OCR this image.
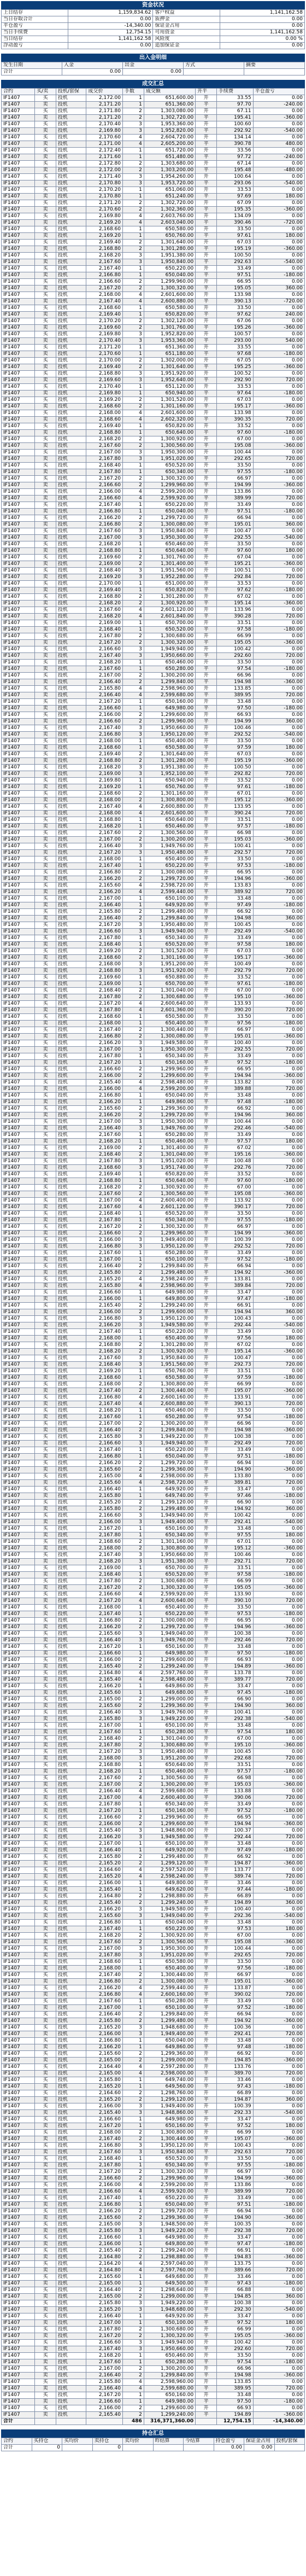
资金状况
上日结存	1,159,834.62	客户权益	1,141,162.58
当日存取合计	0.00	质押金	0.00
平仓盈亏	-14,340.00	保证金占用	0.00
当日手续费	12,754.15	可用资金	1,141,162.58
当日结存	1,141,162.58	风险度	0.00 %
浮动盈亏	0.00	追加保证金	0.00
出入金明细
发生日期	入金	出金	方式	摘要
合计	0.00	0.00		
成交汇总
合约	买/卖	投机/套保	成交价	手数	成交额	开平	手续费	平仓盈亏
IF1407	买	投机	2,172.00	1	651,600.00	开	33.55	0.00
IF1407	卖	投机	2,171.20	1	651,360.00	平	97.70	-240.00
IF1407	买	投机	2,171.80	2	1,303,080.00	开	67.11	0.00
IF1407	卖	投机	2,171.20	2	1,302,720.00	平	195.41	-360.00
IF1407	买	投机	2,170.40	3	1,953,360.00	开	100.60	0.00
IF1407	卖	投机	2,169.80	3	1,952,820.00	平	292.92	-540.00
IF1407	买	投机	2,170.60	4	2,604,720.00	开	134.14	0.00
IF1407	卖	投机	2,171.00	4	2,605,200.00	平	390.78	480.00
IF1407	买	投机	2,172.40	1	651,720.00	开	33.56	0.00
IF1407	卖	投机	2,171.60	1	651,480.00	平	97.72	-240.00
IF1407	买	投机	2,172.80	2	1,303,680.00	开	67.14	0.00
IF1407	卖	投机	2,172.00	2	1,303,200.00	平	195.48	-480.00
IF1407	买	投机	2,171.40	3	1,954,260.00	开	100.64	0.00
IF1407	卖	投机	2,170.80	3	1,953,720.00	平	293.06	-540.00
IF1407	买	投机	2,170.20	1	651,060.00	开	33.53	0.00
IF1407	卖	投机	2,170.80	1	651,240.00	平	97.69	180.00
IF1407	买	投机	2,171.20	2	1,302,720.00	开	67.09	0.00
IF1407	卖	投机	2,170.60	2	1,302,360.00	平	195.35	-360.00
IF1407	买	投机	2,169.80	4	2,603,760.00	开	134.09	0.00
IF1407	卖	投机	2,169.20	4	2,603,040.00	平	390.46	-720.00
IF1407	买	投机	2,168.60	1	650,580.00	开	33.50	0.00
IF1407	卖	投机	2,169.20	1	650,760.00	平	97.61	180.00
IF1407	买	投机	2,169.40	2	1,301,640.00	开	67.03	0.00
IF1407	卖	投机	2,168.80	2	1,301,280.00	平	195.19	-360.00
IF1407	买	投机	2,168.20	3	1,951,380.00	开	100.50	0.00
IF1407	卖	投机	2,167.60	3	1,950,840.00	平	292.63	-540.00
IF1407	买	投机	2,167.40	1	650,220.00	开	33.49	0.00
IF1407	卖	投机	2,166.80	1	650,040.00	平	97.51	-180.00
IF1407	买	投机	2,166.60	2	1,299,960.00	开	66.95	0.00
IF1407	卖	投机	2,167.20	2	1,300,320.00	平	195.05	360.00
IF1407	买	投机	2,168.00	4	2,601,600.00	开	133.98	0.00
IF1407	卖	投机	2,167.40	4	2,600,880.00	平	390.13	-720.00
IF1407	买	投机	2,168.60	1	650,580.00	开	33.50	0.00
IF1407	卖	投机	2,169.40	1	650,820.00	平	97.62	240.00
IF1407	买	投机	2,170.20	2	1,302,120.00	开	67.06	0.00
IF1407	卖	投机	2,169.60	2	1,301,760.00	平	195.26	-360.00
IF1407	买	投机	2,169.80	3	1,952,820.00	开	100.57	0.00
IF1407	卖	投机	2,170.40	3	1,953,360.00	平	293.00	540.00
IF1407	买	投机	2,171.20	1	651,360.00	开	33.55	0.00
IF1407	卖	投机	2,170.60	1	651,180.00	平	97.68	-180.00
IF1407	买	投机	2,170.00	2	1,302,000.00	开	67.05	0.00
IF1407	卖	投机	2,169.40	2	1,301,640.00	平	195.25	-360.00
IF1407	买	投机	2,168.80	3	1,951,920.00	开	100.52	0.00
IF1407	卖	投机	2,169.60	3	1,952,640.00	平	292.90	720.00
IF1407	买	投机	2,170.40	1	651,120.00	开	33.53	0.00
IF1407	卖	投机	2,169.80	1	650,940.00	平	97.64	-180.00
IF1407	买	投机	2,169.20	2	1,301,520.00	开	67.03	0.00
IF1407	卖	投机	2,168.60	2	1,301,160.00	平	195.17	-360.00
IF1407	买	投机	2,168.00	4	2,601,600.00	开	133.98	0.00
IF1407	卖	投机	2,168.60	4	2,602,320.00	平	390.35	720.00
IF1407	买	投机	2,169.40	1	650,820.00	开	33.52	0.00
IF1407	卖	投机	2,168.80	1	650,640.00	平	97.60	-180.00
IF1407	买	投机	2,168.20	2	1,300,920.00	开	67.00	0.00
IF1407	卖	投机	2,167.60	2	1,300,560.00	平	195.08	-360.00
IF1407	买	投机	2,167.00	3	1,950,300.00	开	100.44	0.00
IF1407	卖	投机	2,167.80	3	1,951,020.00	平	292.65	720.00
IF1407	买	投机	2,168.40	1	650,520.00	开	33.50	0.00
IF1407	卖	投机	2,167.80	1	650,340.00	平	97.55	-180.00
IF1407	买	投机	2,167.20	2	1,300,320.00	开	66.97	0.00
IF1407	卖	投机	2,166.60	2	1,299,960.00	平	194.99	-360.00
IF1407	买	投机	2,166.00	4	2,599,200.00	开	133.86	0.00
IF1407	卖	投机	2,166.60	4	2,599,920.00	平	389.99	720.00
IF1407	买	投机	2,167.40	1	650,220.00	开	33.49	0.00
IF1407	卖	投机	2,166.80	1	650,040.00	平	97.51	-180.00
IF1407	买	投机	2,166.20	2	1,299,720.00	开	66.94	0.00
IF1407	卖	投机	2,166.80	2	1,300,080.00	平	195.01	360.00
IF1407	买	投机	2,167.60	3	1,950,840.00	开	100.47	0.00
IF1407	卖	投机	2,167.00	3	1,950,300.00	平	292.55	-540.00
IF1407	买	投机	2,168.20	1	650,460.00	开	33.50	0.00
IF1407	卖	投机	2,168.80	1	650,640.00	平	97.60	180.00
IF1407	买	投机	2,169.60	2	1,301,760.00	开	67.04	0.00
IF1407	卖	投机	2,169.00	2	1,301,400.00	平	195.21	-360.00
IF1407	买	投机	2,168.40	3	1,951,560.00	开	100.51	0.00
IF1407	卖	投机	2,169.20	3	1,952,280.00	平	292.84	720.00
IF1407	买	投机	2,170.00	1	651,000.00	开	33.53	0.00
IF1407	卖	投机	2,169.40	1	650,820.00	平	97.62	-180.00
IF1407	买	投机	2,168.80	2	1,301,280.00	开	67.02	0.00
IF1407	卖	投机	2,168.20	2	1,300,920.00	平	195.14	-360.00
IF1407	买	投机	2,167.60	4	2,601,120.00	开	133.96	0.00
IF1407	卖	投机	2,168.20	4	2,601,840.00	平	390.28	720.00
IF1407	买	投机	2,169.00	1	650,700.00	开	33.51	0.00
IF1407	卖	投机	2,168.40	1	650,520.00	平	97.58	-180.00
IF1407	买	投机	2,167.80	2	1,300,680.00	开	66.99	0.00
IF1407	卖	投机	2,167.20	2	1,300,320.00	平	195.05	-360.00
IF1407	买	投机	2,166.60	3	1,949,940.00	开	100.42	0.00
IF1407	卖	投机	2,167.40	3	1,950,660.00	平	292.60	720.00
IF1407	买	投机	2,168.20	1	650,460.00	开	33.50	0.00
IF1407	卖	投机	2,167.60	1	650,280.00	平	97.54	-180.00
IF1407	买	投机	2,167.00	2	1,300,200.00	开	66.96	0.00
IF1407	卖	投机	2,166.40	2	1,299,840.00	平	194.98	-360.00
IF1407	买	投机	2,165.80	4	2,598,960.00	开	133.85	0.00
IF1407	卖	投机	2,166.40	4	2,599,680.00	平	389.95	720.00
IF1407	买	投机	2,167.20	1	650,160.00	开	33.48	0.00
IF1407	卖	投机	2,166.60	1	649,980.00	平	97.50	-180.00
IF1407	买	投机	2,166.00	2	1,299,600.00	开	66.93	0.00
IF1407	卖	投机	2,166.60	2	1,299,960.00	平	194.99	360.00
IF1407	买	投机	2,167.40	3	1,950,660.00	开	100.46	0.00
IF1407	卖	投机	2,166.80	3	1,950,120.00	平	292.52	-540.00
IF1407	买	投机	2,168.00	1	650,400.00	开	33.50	0.00
IF1407	卖	投机	2,168.60	1	650,580.00	平	97.59	180.00
IF1407	买	投机	2,169.40	2	1,301,640.00	开	67.03	0.00
IF1407	卖	投机	2,168.80	2	1,301,280.00	平	195.19	-360.00
IF1407	买	投机	2,168.20	3	1,951,380.00	开	100.50	0.00
IF1407	卖	投机	2,169.00	3	1,952,100.00	平	292.82	720.00
IF1407	买	投机	2,169.80	1	650,940.00	开	33.52	0.00
IF1407	卖	投机	2,169.20	1	650,760.00	平	97.61	-180.00
IF1407	买	投机	2,168.60	2	1,301,160.00	开	67.01	0.00
IF1407	卖	投机	2,168.00	2	1,300,800.00	平	195.12	-360.00
IF1407	买	投机	2,167.40	4	2,600,880.00	开	133.95	0.00
IF1407	卖	投机	2,168.00	4	2,601,600.00	平	390.24	720.00
IF1407	买	投机	2,168.80	1	650,640.00	开	33.51	0.00
IF1407	卖	投机	2,168.20	1	650,460.00	平	97.57	-180.00
IF1407	买	投机	2,167.60	2	1,300,560.00	开	66.98	0.00
IF1407	卖	投机	2,167.00	2	1,300,200.00	平	195.03	-360.00
IF1407	买	投机	2,166.40	3	1,949,760.00	开	100.41	0.00
IF1407	卖	投机	2,167.20	3	1,950,480.00	平	292.57	720.00
IF1407	买	投机	2,168.00	1	650,400.00	开	33.50	0.00
IF1407	卖	投机	2,167.40	1	650,220.00	平	97.53	-180.00
IF1407	买	投机	2,166.80	2	1,300,080.00	开	66.95	0.00
IF1407	卖	投机	2,166.20	2	1,299,720.00	平	194.96	-360.00
IF1407	买	投机	2,165.60	4	2,598,720.00	开	133.83	0.00
IF1407	卖	投机	2,166.20	4	2,599,440.00	平	389.92	720.00
IF1407	买	投机	2,167.00	1	650,100.00	开	33.48	0.00
IF1407	卖	投机	2,166.40	1	649,920.00	平	97.49	-180.00
IF1407	买	投机	2,165.80	2	1,299,480.00	开	66.92	0.00
IF1407	卖	投机	2,166.40	2	1,299,840.00	平	194.98	360.00
IF1407	买	投机	2,167.20	3	1,950,480.00	开	100.45	0.00
IF1407	卖	投机	2,166.60	3	1,949,940.00	平	292.49	-540.00
IF1407	买	投机	2,167.80	1	650,340.00	开	33.49	0.00
IF1407	卖	投机	2,168.40	1	650,520.00	平	97.58	180.00
IF1407	买	投机	2,169.20	2	1,301,520.00	开	67.03	0.00
IF1407	卖	投机	2,168.60	2	1,301,160.00	平	195.17	-360.00
IF1407	买	投机	2,168.00	3	1,951,200.00	开	100.49	0.00
IF1407	卖	投机	2,168.80	3	1,951,920.00	平	292.79	720.00
IF1407	买	投机	2,169.60	1	650,880.00	开	33.52	0.00
IF1407	卖	投机	2,169.00	1	650,700.00	平	97.61	-180.00
IF1407	买	投机	2,168.40	2	1,301,040.00	开	67.00	0.00
IF1407	卖	投机	2,167.80	2	1,300,680.00	平	195.10	-360.00
IF1407	买	投机	2,167.20	4	2,600,640.00	开	133.93	0.00
IF1407	卖	投机	2,167.80	4	2,601,360.00	平	390.20	720.00
IF1407	买	投机	2,168.60	1	650,580.00	开	33.50	0.00
IF1407	卖	投机	2,168.00	1	650,400.00	平	97.56	-180.00
IF1407	买	投机	2,167.40	2	1,300,440.00	开	66.97	0.00
IF1407	卖	投机	2,166.80	2	1,300,080.00	平	195.01	-360.00
IF1407	买	投机	2,166.20	3	1,949,580.00	开	100.40	0.00
IF1407	卖	投机	2,167.00	3	1,950,300.00	平	292.55	720.00
IF1407	买	投机	2,167.80	1	650,340.00	开	33.49	0.00
IF1407	卖	投机	2,167.20	1	650,160.00	平	97.52	-180.00
IF1407	买	投机	2,166.60	2	1,299,960.00	开	66.95	0.00
IF1407	卖	投机	2,166.00	2	1,299,600.00	平	194.94	-360.00
IF1407	买	投机	2,165.40	4	2,598,480.00	开	133.82	0.00
IF1407	卖	投机	2,166.00	4	2,599,200.00	平	389.88	720.00
IF1407	买	投机	2,166.80	1	650,040.00	开	33.48	0.00
IF1407	卖	投机	2,166.20	1	649,860.00	平	97.48	-180.00
IF1407	买	投机	2,165.60	2	1,299,360.00	开	66.92	0.00
IF1407	卖	投机	2,166.20	2	1,299,720.00	平	194.96	360.00
IF1407	买	投机	2,167.00	3	1,950,300.00	开	100.44	0.00
IF1407	卖	投机	2,166.40	3	1,949,760.00	平	292.46	-540.00
IF1407	买	投机	2,167.60	1	650,280.00	开	33.49	0.00
IF1407	卖	投机	2,168.20	1	650,460.00	平	97.57	180.00
IF1407	买	投机	2,169.00	2	1,301,400.00	开	67.02	0.00
IF1407	卖	投机	2,168.40	2	1,301,040.00	平	195.16	-360.00
IF1407	买	投机	2,167.80	3	1,951,020.00	开	100.48	0.00
IF1407	卖	投机	2,168.60	3	1,951,740.00	平	292.76	720.00
IF1407	买	投机	2,169.40	1	650,820.00	开	33.52	0.00
IF1407	卖	投机	2,168.80	1	650,640.00	平	97.60	-180.00
IF1407	买	投机	2,168.20	2	1,300,920.00	开	67.00	0.00
IF1407	卖	投机	2,167.60	2	1,300,560.00	平	195.08	-360.00
IF1407	买	投机	2,167.00	4	2,600,400.00	开	133.92	0.00
IF1407	卖	投机	2,167.60	4	2,601,120.00	平	390.17	720.00
IF1407	买	投机	2,168.40	1	650,520.00	开	33.50	0.00
IF1407	卖	投机	2,167.80	1	650,340.00	平	97.55	-180.00
IF1407	买	投机	2,167.20	2	1,300,320.00	开	66.97	0.00
IF1407	卖	投机	2,166.60	2	1,299,960.00	平	194.99	-360.00
IF1407	买	投机	2,166.00	3	1,949,400.00	开	100.39	0.00
IF1407	卖	投机	2,166.80	3	1,950,120.00	平	292.52	720.00
IF1407	买	投机	2,167.60	1	650,280.00	开	33.49	0.00
IF1407	卖	投机	2,167.00	1	650,100.00	平	97.52	-180.00
IF1407	买	投机	2,166.40	2	1,299,840.00	开	66.94	0.00
IF1407	卖	投机	2,165.80	2	1,299,480.00	平	194.92	-360.00
IF1407	买	投机	2,165.20	4	2,598,240.00	开	133.81	0.00
IF1407	卖	投机	2,165.80	4	2,598,960.00	平	389.84	720.00
IF1407	买	投机	2,166.60	1	649,980.00	开	33.47	0.00
IF1407	卖	投机	2,166.00	1	649,800.00	平	97.47	-180.00
IF1407	买	投机	2,165.40	2	1,299,240.00	开	66.91	0.00
IF1407	卖	投机	2,166.00	2	1,299,600.00	平	194.94	360.00
IF1407	买	投机	2,166.80	3	1,950,120.00	开	100.43	0.00
IF1407	卖	投机	2,166.20	3	1,949,580.00	平	292.44	-540.00
IF1407	买	投机	2,167.40	1	650,220.00	开	33.49	0.00
IF1407	卖	投机	2,168.00	1	650,400.00	平	97.56	180.00
IF1407	买	投机	2,168.80	2	1,301,280.00	开	67.02	0.00
IF1407	卖	投机	2,168.20	2	1,300,920.00	平	195.14	-360.00
IF1407	买	投机	2,167.60	3	1,950,840.00	开	100.47	0.00
IF1407	卖	投机	2,168.40	3	1,951,560.00	平	292.73	720.00
IF1407	买	投机	2,169.20	1	650,760.00	开	33.51	0.00
IF1407	卖	投机	2,168.60	1	650,580.00	平	97.59	-180.00
IF1407	买	投机	2,168.00	2	1,300,800.00	开	66.99	0.00
IF1407	卖	投机	2,167.40	2	1,300,440.00	平	195.07	-360.00
IF1407	买	投机	2,166.80	4	2,600,160.00	开	133.91	0.00
IF1407	卖	投机	2,167.40	4	2,600,880.00	平	390.13	720.00
IF1407	买	投机	2,168.20	1	650,460.00	开	33.50	0.00
IF1407	卖	投机	2,167.60	1	650,280.00	平	97.54	-180.00
IF1407	买	投机	2,167.00	2	1,300,200.00	开	66.96	0.00
IF1407	卖	投机	2,166.40	2	1,299,840.00	平	194.98	-360.00
IF1407	买	投机	2,165.80	3	1,949,220.00	开	100.38	0.00
IF1407	卖	投机	2,166.60	3	1,949,940.00	平	292.49	720.00
IF1407	买	投机	2,167.40	1	650,220.00	开	33.49	0.00
IF1407	卖	投机	2,166.80	1	650,040.00	平	97.51	-180.00
IF1407	买	投机	2,166.20	2	1,299,720.00	开	66.94	0.00
IF1407	卖	投机	2,165.60	2	1,299,360.00	平	194.90	-360.00
IF1407	买	投机	2,165.00	4	2,598,000.00	开	133.80	0.00
IF1407	卖	投机	2,165.60	4	2,598,720.00	平	389.81	720.00
IF1407	买	投机	2,166.40	1	649,920.00	开	33.47	0.00
IF1407	卖	投机	2,165.80	1	649,740.00	平	97.46	-180.00
IF1407	买	投机	2,165.20	2	1,299,120.00	开	66.90	0.00
IF1407	卖	投机	2,165.80	2	1,299,480.00	平	194.92	360.00
IF1407	买	投机	2,166.60	3	1,949,940.00	开	100.42	0.00
IF1407	卖	投机	2,166.00	3	1,949,400.00	平	292.41	-540.00
IF1407	买	投机	2,167.20	1	650,160.00	开	33.48	0.00
IF1407	卖	投机	2,167.80	1	650,340.00	平	97.55	180.00
IF1407	买	投机	2,168.60	2	1,301,160.00	开	67.01	0.00
IF1407	卖	投机	2,168.00	2	1,300,800.00	平	195.12	-360.00
IF1407	买	投机	2,167.40	3	1,950,660.00	开	100.46	0.00
IF1407	卖	投机	2,168.20	3	1,951,380.00	平	292.71	720.00
IF1407	买	投机	2,169.00	1	650,700.00	开	33.51	0.00
IF1407	卖	投机	2,168.40	1	650,520.00	平	97.58	-180.00
IF1407	买	投机	2,167.80	2	1,300,680.00	开	66.99	0.00
IF1407	卖	投机	2,167.20	2	1,300,320.00	平	195.05	-360.00
IF1407	买	投机	2,166.60	4	2,599,920.00	开	133.90	0.00
IF1407	卖	投机	2,167.20	4	2,600,640.00	平	390.10	720.00
IF1407	买	投机	2,168.00	1	650,400.00	开	33.50	0.00
IF1407	卖	投机	2,167.40	1	650,220.00	平	97.53	-180.00
IF1407	买	投机	2,166.80	2	1,300,080.00	开	66.95	0.00
IF1407	卖	投机	2,166.20	2	1,299,720.00	平	194.96	-360.00
IF1407	买	投机	2,165.60	3	1,949,040.00	开	100.38	0.00
IF1407	卖	投机	2,166.40	3	1,949,760.00	平	292.46	720.00
IF1407	买	投机	2,167.20	1	650,160.00	开	33.48	0.00
IF1407	卖	投机	2,166.60	1	649,980.00	平	97.50	-180.00
IF1407	买	投机	2,166.00	2	1,299,600.00	开	66.93	0.00
IF1407	卖	投机	2,165.40	2	1,299,240.00	平	194.89	-360.00
IF1407	买	投机	2,164.80	4	2,597,760.00	开	133.78	0.00
IF1407	卖	投机	2,165.40	4	2,598,480.00	平	389.77	720.00
IF1407	买	投机	2,166.20	1	649,860.00	开	33.47	0.00
IF1407	卖	投机	2,165.60	1	649,680.00	平	97.45	-180.00
IF1407	买	投机	2,165.00	2	1,299,000.00	开	66.90	0.00
IF1407	卖	投机	2,165.60	2	1,299,360.00	平	194.90	360.00
IF1407	买	投机	2,166.40	3	1,949,760.00	开	100.41	0.00
IF1407	卖	投机	2,165.80	3	1,949,220.00	平	292.38	-540.00
IF1407	买	投机	2,167.00	1	650,100.00	开	33.48	0.00
IF1407	卖	投机	2,167.60	1	650,280.00	平	97.54	180.00
IF1407	买	投机	2,168.40	2	1,301,040.00	开	67.00	0.00
IF1407	卖	投机	2,167.80	2	1,300,680.00	平	195.10	-360.00
IF1407	买	投机	2,167.20	3	1,950,480.00	开	100.45	0.00
IF1407	卖	投机	2,168.00	3	1,951,200.00	平	292.68	720.00
IF1407	买	投机	2,168.80	1	650,640.00	开	33.51	0.00
IF1407	卖	投机	2,168.20	1	650,460.00	平	97.57	-180.00
IF1407	买	投机	2,167.60	2	1,300,560.00	开	66.98	0.00
IF1407	卖	投机	2,167.00	2	1,300,200.00	平	195.03	-360.00
IF1407	买	投机	2,166.40	4	2,599,680.00	开	133.88	0.00
IF1407	卖	投机	2,167.00	4	2,600,400.00	平	390.06	720.00
IF1407	买	投机	2,167.80	1	650,340.00	开	33.49	0.00
IF1407	卖	投机	2,167.20	1	650,160.00	平	97.52	-180.00
IF1407	买	投机	2,166.60	2	1,299,960.00	开	66.95	0.00
IF1407	卖	投机	2,166.00	2	1,299,600.00	平	194.94	-360.00
IF1407	买	投机	2,165.40	3	1,948,860.00	开	100.37	0.00
IF1407	卖	投机	2,166.20	3	1,949,580.00	平	292.44	720.00
IF1407	买	投机	2,167.00	1	650,100.00	开	33.48	0.00
IF1407	卖	投机	2,166.40	1	649,920.00	平	97.49	-180.00
IF1407	买	投机	2,165.80	2	1,299,480.00	开	66.92	0.00
IF1407	卖	投机	2,165.20	2	1,299,120.00	平	194.87	-360.00
IF1407	买	投机	2,164.60	4	2,597,520.00	开	133.77	0.00
IF1407	卖	投机	2,165.20	4	2,598,240.00	平	389.74	720.00
IF1407	买	投机	2,166.00	1	649,800.00	开	33.46	0.00
IF1407	卖	投机	2,165.40	1	649,620.00	平	97.44	-180.00
IF1407	买	投机	2,164.80	2	1,298,880.00	开	66.89	0.00
IF1407	卖	投机	2,165.40	2	1,299,240.00	平	194.89	360.00
IF1407	买	投机	2,166.20	3	1,949,580.00	开	100.40	0.00
IF1407	卖	投机	2,165.60	3	1,949,040.00	平	292.36	-540.00
IF1407	买	投机	2,166.80	1	650,040.00	开	33.48	0.00
IF1407	卖	投机	2,167.40	1	650,220.00	平	97.53	180.00
IF1407	买	投机	2,168.20	2	1,300,920.00	开	67.00	0.00
IF1407	卖	投机	2,167.60	2	1,300,560.00	平	195.08	-360.00
IF1407	买	投机	2,167.00	3	1,950,300.00	开	100.44	0.00
IF1407	卖	投机	2,167.80	3	1,951,020.00	平	292.65	720.00
IF1407	买	投机	2,168.60	1	650,580.00	开	33.50	0.00
IF1407	卖	投机	2,168.00	1	650,400.00	平	97.56	-180.00
IF1407	买	投机	2,167.40	2	1,300,440.00	开	66.97	0.00
IF1407	卖	投机	2,166.80	2	1,300,080.00	平	195.01	-360.00
IF1407	买	投机	2,166.20	4	2,599,440.00	开	133.87	0.00
IF1407	卖	投机	2,166.80	4	2,600,160.00	平	390.02	720.00
IF1407	买	投机	2,167.60	1	650,280.00	开	33.49	0.00
IF1407	卖	投机	2,167.00	1	650,100.00	平	97.52	-180.00
IF1407	买	投机	2,166.40	2	1,299,840.00	开	66.94	0.00
IF1407	卖	投机	2,165.80	2	1,299,480.00	平	194.92	-360.00
IF1407	买	投机	2,165.20	3	1,948,680.00	开	100.36	0.00
IF1407	卖	投机	2,166.00	3	1,949,400.00	平	292.41	720.00
IF1407	买	投机	2,166.80	1	650,040.00	开	33.48	0.00
IF1407	卖	投机	2,166.20	1	649,860.00	平	97.48	-180.00
IF1407	买	投机	2,165.60	2	1,299,360.00	开	66.92	0.00
IF1407	卖	投机	2,165.00	2	1,299,000.00	平	194.85	-360.00
IF1407	买	投机	2,164.40	4	2,597,280.00	开	133.76	0.00
IF1407	卖	投机	2,165.00	4	2,598,000.00	平	389.70	720.00
IF1407	买	投机	2,165.80	1	649,740.00	开	33.46	0.00
IF1407	卖	投机	2,165.20	1	649,560.00	平	97.43	-180.00
IF1407	买	投机	2,164.60	2	1,298,760.00	开	66.89	0.00
IF1407	卖	投机	2,165.20	2	1,299,120.00	平	194.87	360.00
IF1407	买	投机	2,166.00	3	1,949,400.00	开	100.39	0.00
IF1407	卖	投机	2,165.40	3	1,948,860.00	平	292.33	-540.00
IF1407	买	投机	2,166.60	1	649,980.00	开	33.47	0.00
IF1407	卖	投机	2,167.20	1	650,160.00	平	97.52	180.00
IF1407	买	投机	2,168.00	2	1,300,800.00	开	66.99	0.00
IF1407	卖	投机	2,167.40	2	1,300,440.00	平	195.07	-360.00
IF1407	买	投机	2,166.80	3	1,950,120.00	开	100.43	0.00
IF1407	卖	投机	2,167.60	3	1,950,840.00	平	292.63	720.00
IF1407	买	投机	2,168.40	1	650,520.00	开	33.50	0.00
IF1407	卖	投机	2,167.80	1	650,340.00	平	97.55	-180.00
IF1407	买	投机	2,167.20	2	1,300,320.00	开	66.97	0.00
IF1407	卖	投机	2,166.60	2	1,299,960.00	平	194.99	-360.00
IF1407	买	投机	2,166.00	4	2,599,200.00	开	133.86	0.00
IF1407	卖	投机	2,166.60	4	2,599,920.00	平	389.99	720.00
IF1407	买	投机	2,167.40	1	650,220.00	开	33.49	0.00
IF1407	卖	投机	2,166.80	1	650,040.00	平	97.51	-180.00
IF1407	买	投机	2,166.20	2	1,299,720.00	开	66.94	0.00
IF1407	卖	投机	2,165.60	2	1,299,360.00	平	194.90	-360.00
IF1407	买	投机	2,165.00	3	1,948,500.00	开	100.35	0.00
IF1407	卖	投机	2,165.80	3	1,949,220.00	平	292.38	720.00
IF1407	买	投机	2,166.60	1	649,980.00	开	33.47	0.00
IF1407	卖	投机	2,166.00	1	649,800.00	平	97.47	-180.00
IF1407	买	投机	2,165.40	2	1,299,240.00	开	66.91	0.00
IF1407	卖	投机	2,164.80	2	1,298,880.00	平	194.83	-360.00
IF1407	买	投机	2,164.20	4	2,597,040.00	开	133.75	0.00
IF1407	卖	投机	2,164.80	4	2,597,760.00	平	389.66	720.00
IF1407	买	投机	2,165.60	1	649,680.00	开	33.46	0.00
IF1407	卖	投机	2,165.00	1	649,500.00	平	97.43	-180.00
IF1407	买	投机	2,164.40	2	1,298,640.00	开	66.88	0.00
IF1407	卖	投机	2,165.00	2	1,299,000.00	平	194.85	360.00
IF1407	买	投机	2,165.80	3	1,949,220.00	开	100.38	0.00
IF1407	卖	投机	2,165.20	3	1,948,680.00	平	292.30	-540.00
IF1407	买	投机	2,166.40	1	649,920.00	开	33.47	0.00
IF1407	卖	投机	2,167.00	1	650,100.00	平	97.52	180.00
IF1407	买	投机	2,167.80	2	1,300,680.00	开	66.99	0.00
IF1407	卖	投机	2,167.20	2	1,300,320.00	平	195.05	-360.00
IF1407	买	投机	2,166.60	3	1,949,940.00	开	100.42	0.00
IF1407	卖	投机	2,167.40	3	1,950,660.00	平	292.60	720.00
IF1407	买	投机	2,168.20	1	650,460.00	开	33.50	0.00
IF1407	卖	投机	2,167.60	1	650,280.00	平	97.54	-180.00
IF1407	买	投机	2,167.00	2	1,300,200.00	开	66.96	0.00
IF1407	卖	投机	2,166.40	2	1,299,840.00	平	194.98	-360.00
IF1407	买	投机	2,165.80	4	2,598,960.00	开	133.85	0.00
IF1407	卖	投机	2,166.40	4	2,599,680.00	平	389.95	720.00
IF1407	买	投机	2,167.20	1	650,160.00	开	33.48	0.00
IF1407	卖	投机	2,166.60	1	649,980.00	平	97.50	-180.00
IF1407	买	投机	2,166.00	2	1,299,600.00	开	66.93	0.00
IF1407	卖	投机	2,165.40	2	1,299,240.00	平	194.89	-360.00
合计				486	316,371,360.00		12,754.15	-14,340.00
持仓汇总
合约	买持仓	买均价	卖持仓	卖均价	昨结算	今结算	持仓盈亏	保证金占用	投机/套保
合计	0		0				0.00	0.00	
